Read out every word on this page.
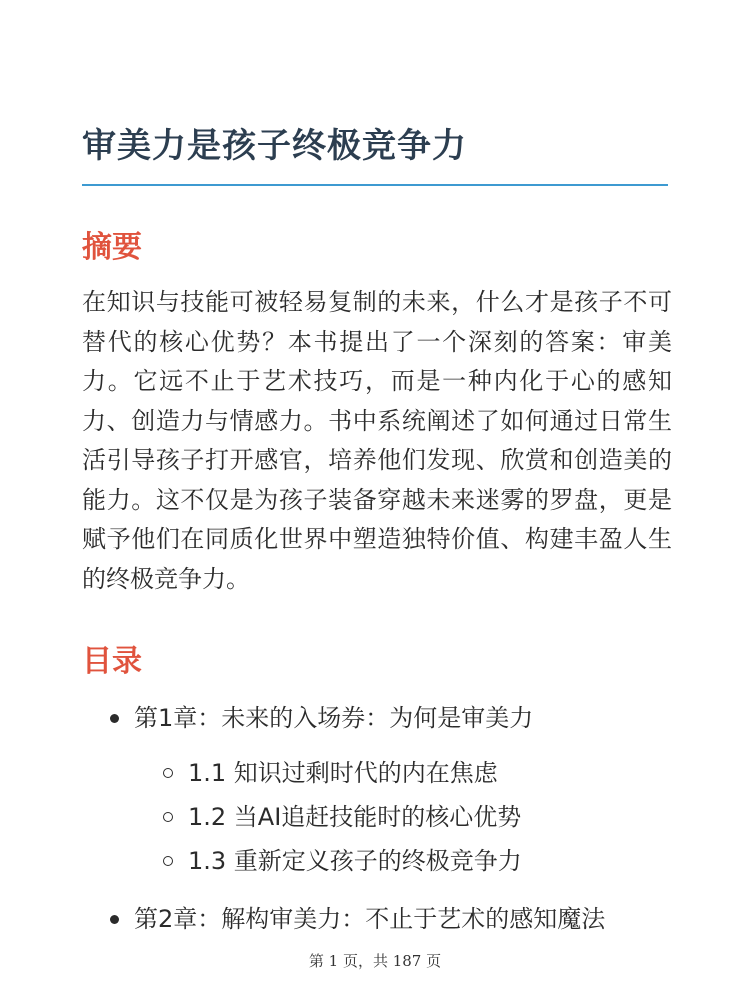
审美力是孩子终极竞争力
摘要

在知识与技能可被轻易复制的未来，什么才是孩子不可替代的核心优势？本书提出了一个深刻的答案：审美力。它远不止于艺术技巧，而是一种内化于心的感知力、创造力与情感力。书中系统阐述了如何通过日常生活引导孩子打开感官，培养他们发现、欣赏和创造美的能力。这不仅是为孩子装备穿越未来迷雾的罗盘，更是赋予他们在同质化世界中塑造独特价值、构建丰盈人生的终极竞争力。

目录
第1章：未来的入场券：为何是审美力
1.1 知识过剩时代的内在焦虑
1.2 当AI追赶技能时的核心优势
1.3 重新定义孩子的终极竞争力
第2章：解构审美力：不止于艺术的感知魔法
第 1 页，共 187 页
